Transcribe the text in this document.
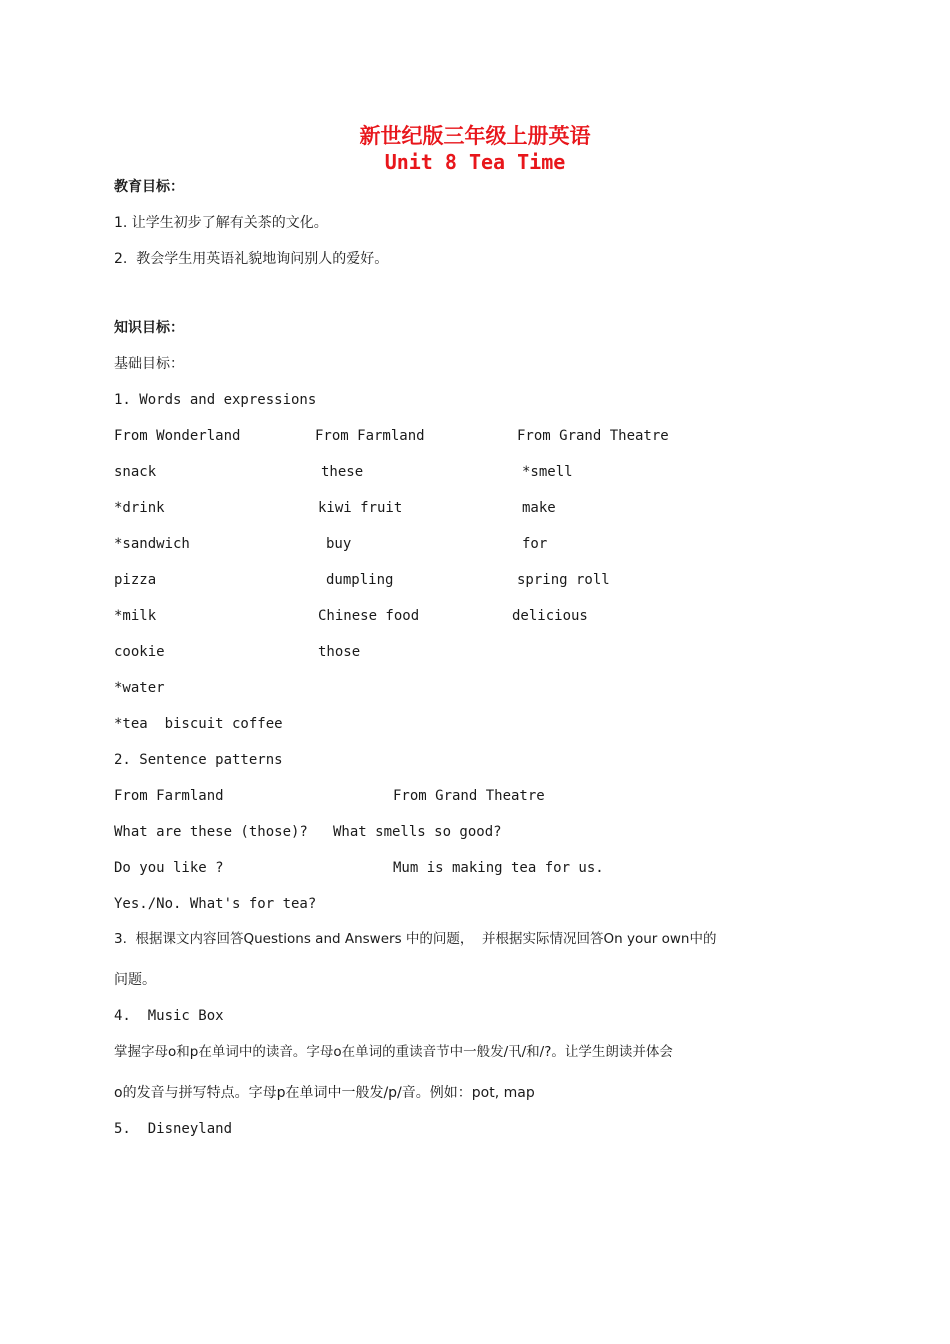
新世纪版三年级上册英语
Unit 8 Tea Time
教育目标：
1. 让学生初步了解有关茶的文化。
2.  教会学生用英语礼貌地询问别人的爱好。
知识目标：
基础目标：
1. Words and expressions
From Wonderland	From Farmland	From Grand Theatre
snack	these	*smell
*drink	kiwi fruit	make
*sandwich	buy	for
pizza	dumpling	spring roll
*milk	Chinese food	delicious
cookie	those
*water
*tea  biscuit coffee
2. Sentence patterns
From Farmland	From Grand Theatre
What are these (those)? What smells so good?
Do you like ?	Mum is making tea for us.
Yes./No. What's for tea?
3.  根据课文内容回答Questions and Answers 中的问题，  并根据实际情况回答On your own中的
问题。
4.  Music Box
掌握字母o和p在单词中的读音。字母o在单词的重读音节中一般发/卂/和/?。让学生朗读并体会
o的发音与拼写特点。字母p在单词中一般发/p/音。例如：pot, map
5.  Disneyland
